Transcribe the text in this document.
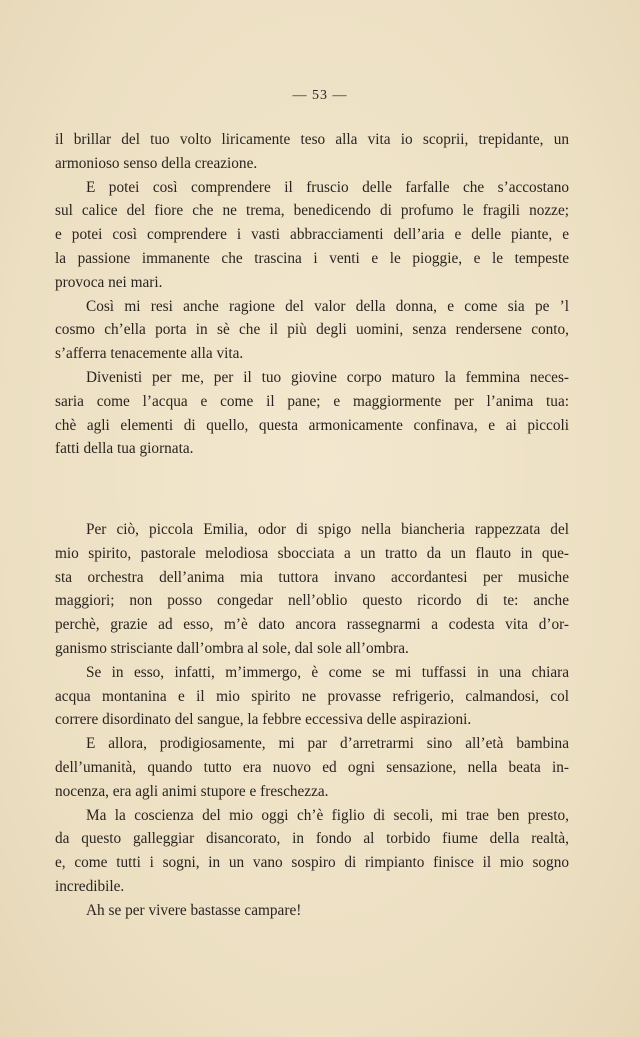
— 53 —
il brillar del tuo volto liricamente teso alla vita io scoprii, trepidante, un
armonioso senso della creazione.
E potei così comprendere il fruscio delle farfalle che s’accostano
sul calice del fiore che ne trema, benedicendo di profumo le fragili nozze;
e potei così comprendere i vasti abbracciamenti dell’aria e delle piante, e
la passione immanente che trascina i venti e le pioggie, e le tempeste
provoca nei mari.
Così mi resi anche ragione del valor della donna, e come sia pe ’l
cosmo ch’ella porta in sè che il più degli uomini, senza rendersene conto,
s’afferra tenacemente alla vita.
Divenisti per me, per il tuo giovine corpo maturo la femmina neces-
saria come l’acqua e come il pane; e maggiormente per l’anima tua:
chè agli elementi di quello, questa armonicamente confinava, e ai piccoli
fatti della tua giornata.
Per ciò, piccola Emilia, odor di spigo nella biancheria rappezzata del
mio spirito, pastorale melodiosa sbocciata a un tratto da un flauto in que-
sta orchestra dell’anima mia tuttora invano accordantesi per musiche
maggiori; non posso congedar nell’oblio questo ricordo di te: anche
perchè, grazie ad esso, m’è dato ancora rassegnarmi a codesta vita d’or-
ganismo strisciante dall’ombra al sole, dal sole all’ombra.
Se in esso, infatti, m’immergo, è come se mi tuffassi in una chiara
acqua montanina e il mio spirito ne provasse refrigerio, calmandosi, col
correre disordinato del sangue, la febbre eccessiva delle aspirazioni.
E allora, prodigiosamente, mi par d’arretrarmi sino all’età bambina
dell’umanità, quando tutto era nuovo ed ogni sensazione, nella beata in-
nocenza, era agli animi stupore e freschezza.
Ma la coscienza del mio oggi ch’è figlio di secoli, mi trae ben presto,
da questo galleggiar disancorato, in fondo al torbido fiume della realtà,
e, come tutti i sogni, in un vano sospiro di rimpianto finisce il mio sogno
incredibile.
Ah se per vivere bastasse campare!
